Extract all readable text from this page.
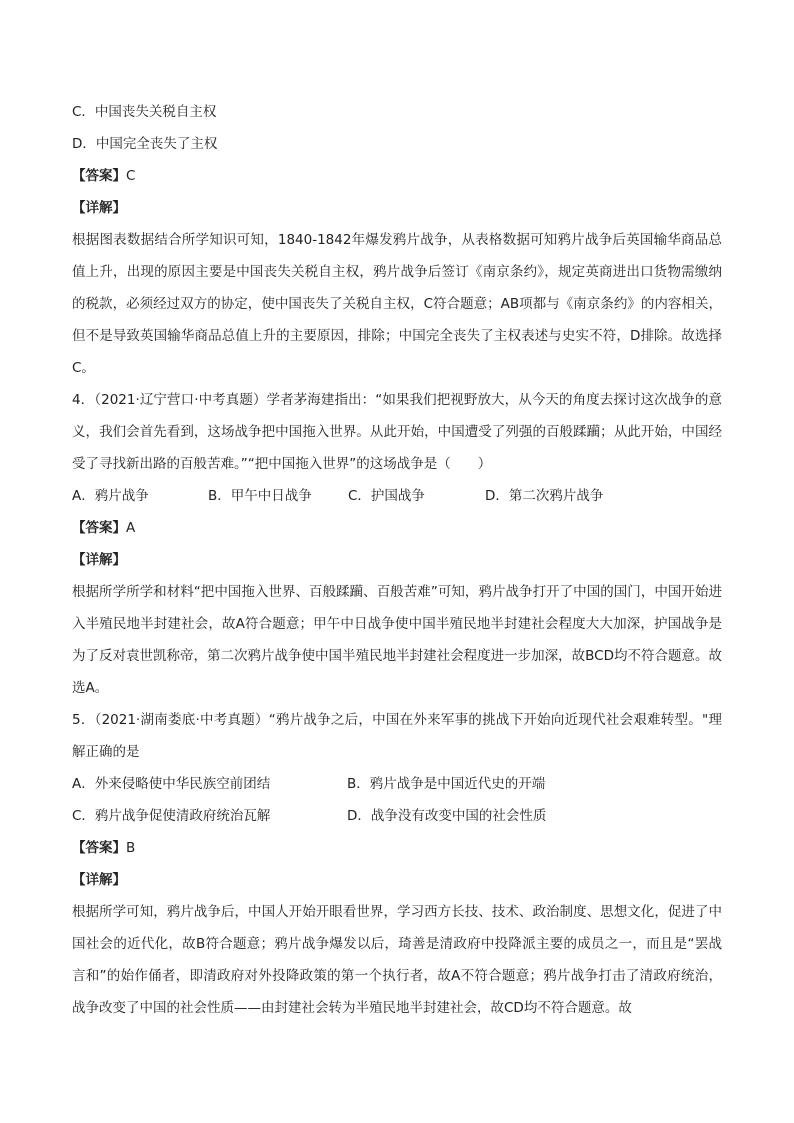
C．中国丧失关税自主权

D．中国完全丧失了主权

【答案】C

【详解】

根据图表数据结合所学知识可知，1840-1842年爆发鸦片战争，从表格数据可知鸦片战争后英国输华商品总值上升，出现的原因主要是中国丧失关税自主权，鸦片战争后签订《南京条约》，规定英商进出口货物需缴纳的税款，必须经过双方的协定，使中国丧失了关税自主权，C符合题意；AB项都与《南京条约》的内容相关，但不是导致英国输华商品总值上升的主要原因，排除；中国完全丧失了主权表述与史实不符，D排除。故选择C。

4．（2021·辽宁营口·中考真题）学者茅海建指出：“如果我们把视野放大，从今天的角度去探讨这次战争的意义，我们会首先看到，这场战争把中国拖入世界。从此开始，中国遭受了列强的百般蹂躏；从此开始，中国经受了寻找新出路的百般苦难。”“把中国拖入世界”的这场战争是（　　）

A．鸦片战争	B．甲午中日战争	C．护国战争	D．第二次鸦片战争

【答案】A

【详解】

根据所学所学和材料“把中国拖入世界、百般蹂躏、百般苦难”可知，鸦片战争打开了中国的国门，中国开始进入半殖民地半封建社会，故A符合题意；甲午中日战争使中国半殖民地半封建社会程度大大加深，护国战争是为了反对袁世凯称帝，第二次鸦片战争使中国半殖民地半封建社会程度进一步加深，故BCD均不符合题意。故选A。

5．（2021·湖南娄底·中考真题）“鸦片战争之后，中国在外来军事的挑战下开始向近现代社会艰难转型。"理解正确的是

A．外来侵略使中华民族空前团结	B．鸦片战争是中国近代史的开端
C．鸦片战争促使清政府统治瓦解	D．战争没有改变中国的社会性质

【答案】B

【详解】

根据所学可知，鸦片战争后，中国人开始开眼看世界，学习西方长技、技术、政治制度、思想文化，促进了中国社会的近代化，故B符合题意；鸦片战争爆发以后，琦善是清政府中投降派主要的成员之一，而且是“罢战言和”的始作俑者，即清政府对外投降政策的第一个执行者，故A不符合题意；鸦片战争打击了清政府统治，战争改变了中国的社会性质——由封建社会转为半殖民地半封建社会，故CD均不符合题意。故
